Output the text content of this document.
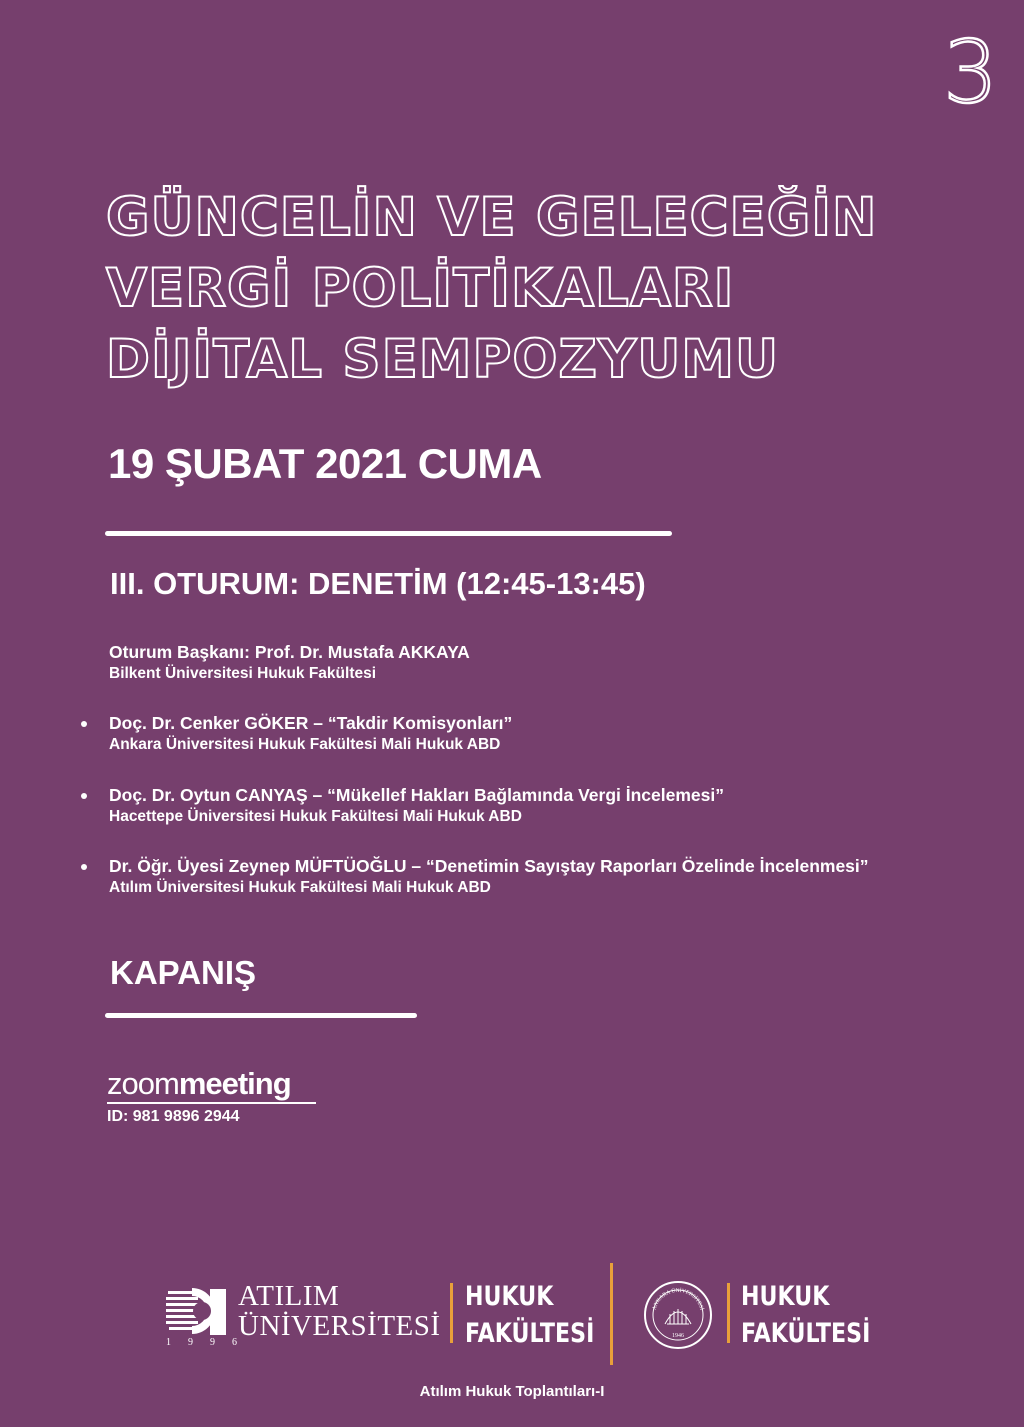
3
GÜNCELİN VE GELECEĞİN
VERGİ POLİTİKALARI
DİJİTAL SEMPOZYUMU
19 ŞUBAT 2021 CUMA
III. OTURUM: DENETİM (12:45-13:45)
Oturum Başkanı: Prof. Dr. Mustafa AKKAYA
Bilkent Üniversitesi Hukuk Fakültesi
Doç. Dr. Cenker GÖKER – “Takdir Komisyonları”
Ankara Üniversitesi Hukuk Fakültesi Mali Hukuk ABD
Doç. Dr. Oytun CANYAŞ – “Mükellef Hakları Bağlamında Vergi İncelemesi”
Hacettepe Üniversitesi Hukuk Fakültesi Mali Hukuk ABD
Dr. Öğr. Üyesi Zeynep MÜFTÜOĞLU – “Denetimin Sayıştay Raporları Özelinde İncelenmesi”
Atılım Üniversitesi Hukuk Fakültesi Mali Hukuk ABD
KAPANIŞ
zoommeeting
ID: 981 9896 2944
1996
ATILIM
ÜNİVERSİTESİ
HUKUK
FAKÜLTESİ
ANKARA ÜNİVERSİTESİ
1946
HUKUK
FAKÜLTESİ
Atılım Hukuk Toplantıları-I
